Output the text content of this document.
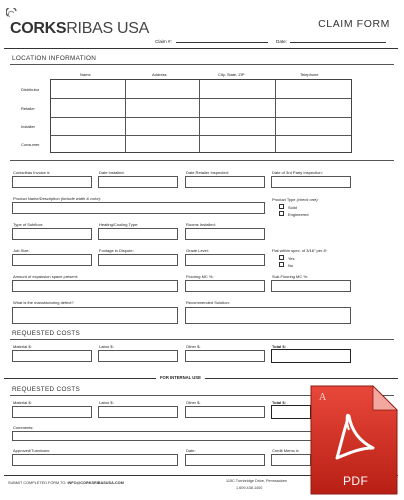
CORKSRIBAS USA	CLAIM FORM
Claim #:	Date:
LOCATION INFORMATION
Name	Address	City, State, ZIP	Telephone
Distributor
Retailer
Installer
Consumer
Corksribas Invoice #:	Date Installed:	Date Retailer Inspected:	Date of 3rd Party Inspection:
Product Name/Description (include width & color):	Product Type (check one):
Solid
Engineered
Type of Subfloor:	Heating/Cooling Type:	Rooms Installed:
Job Size:	Footage in Dispute:	Grade Level:	Flat within spec. of 3/16" per 8':
Yes
No
Amount of expansion space present:	Flooring MC %:	Sub-Flooring MC %:
What is the manufacturing defect?	Recommended Solution:
REQUESTED COSTS
Material $:	Labor $:	Other $:	Total $:
FOR INTERNAL USE
REQUESTED COSTS
Material $:	Labor $:	Other $:	Total $:
Comments:
Approved/Turndown:	Date:	Credit Memo #:
SUBMIT COMPLETED FORM TO: INFO@CORKSRIBASUSA.COM	115C Turnbridge Drive, Pennsauken
1.609.438.1400
A
PDF
